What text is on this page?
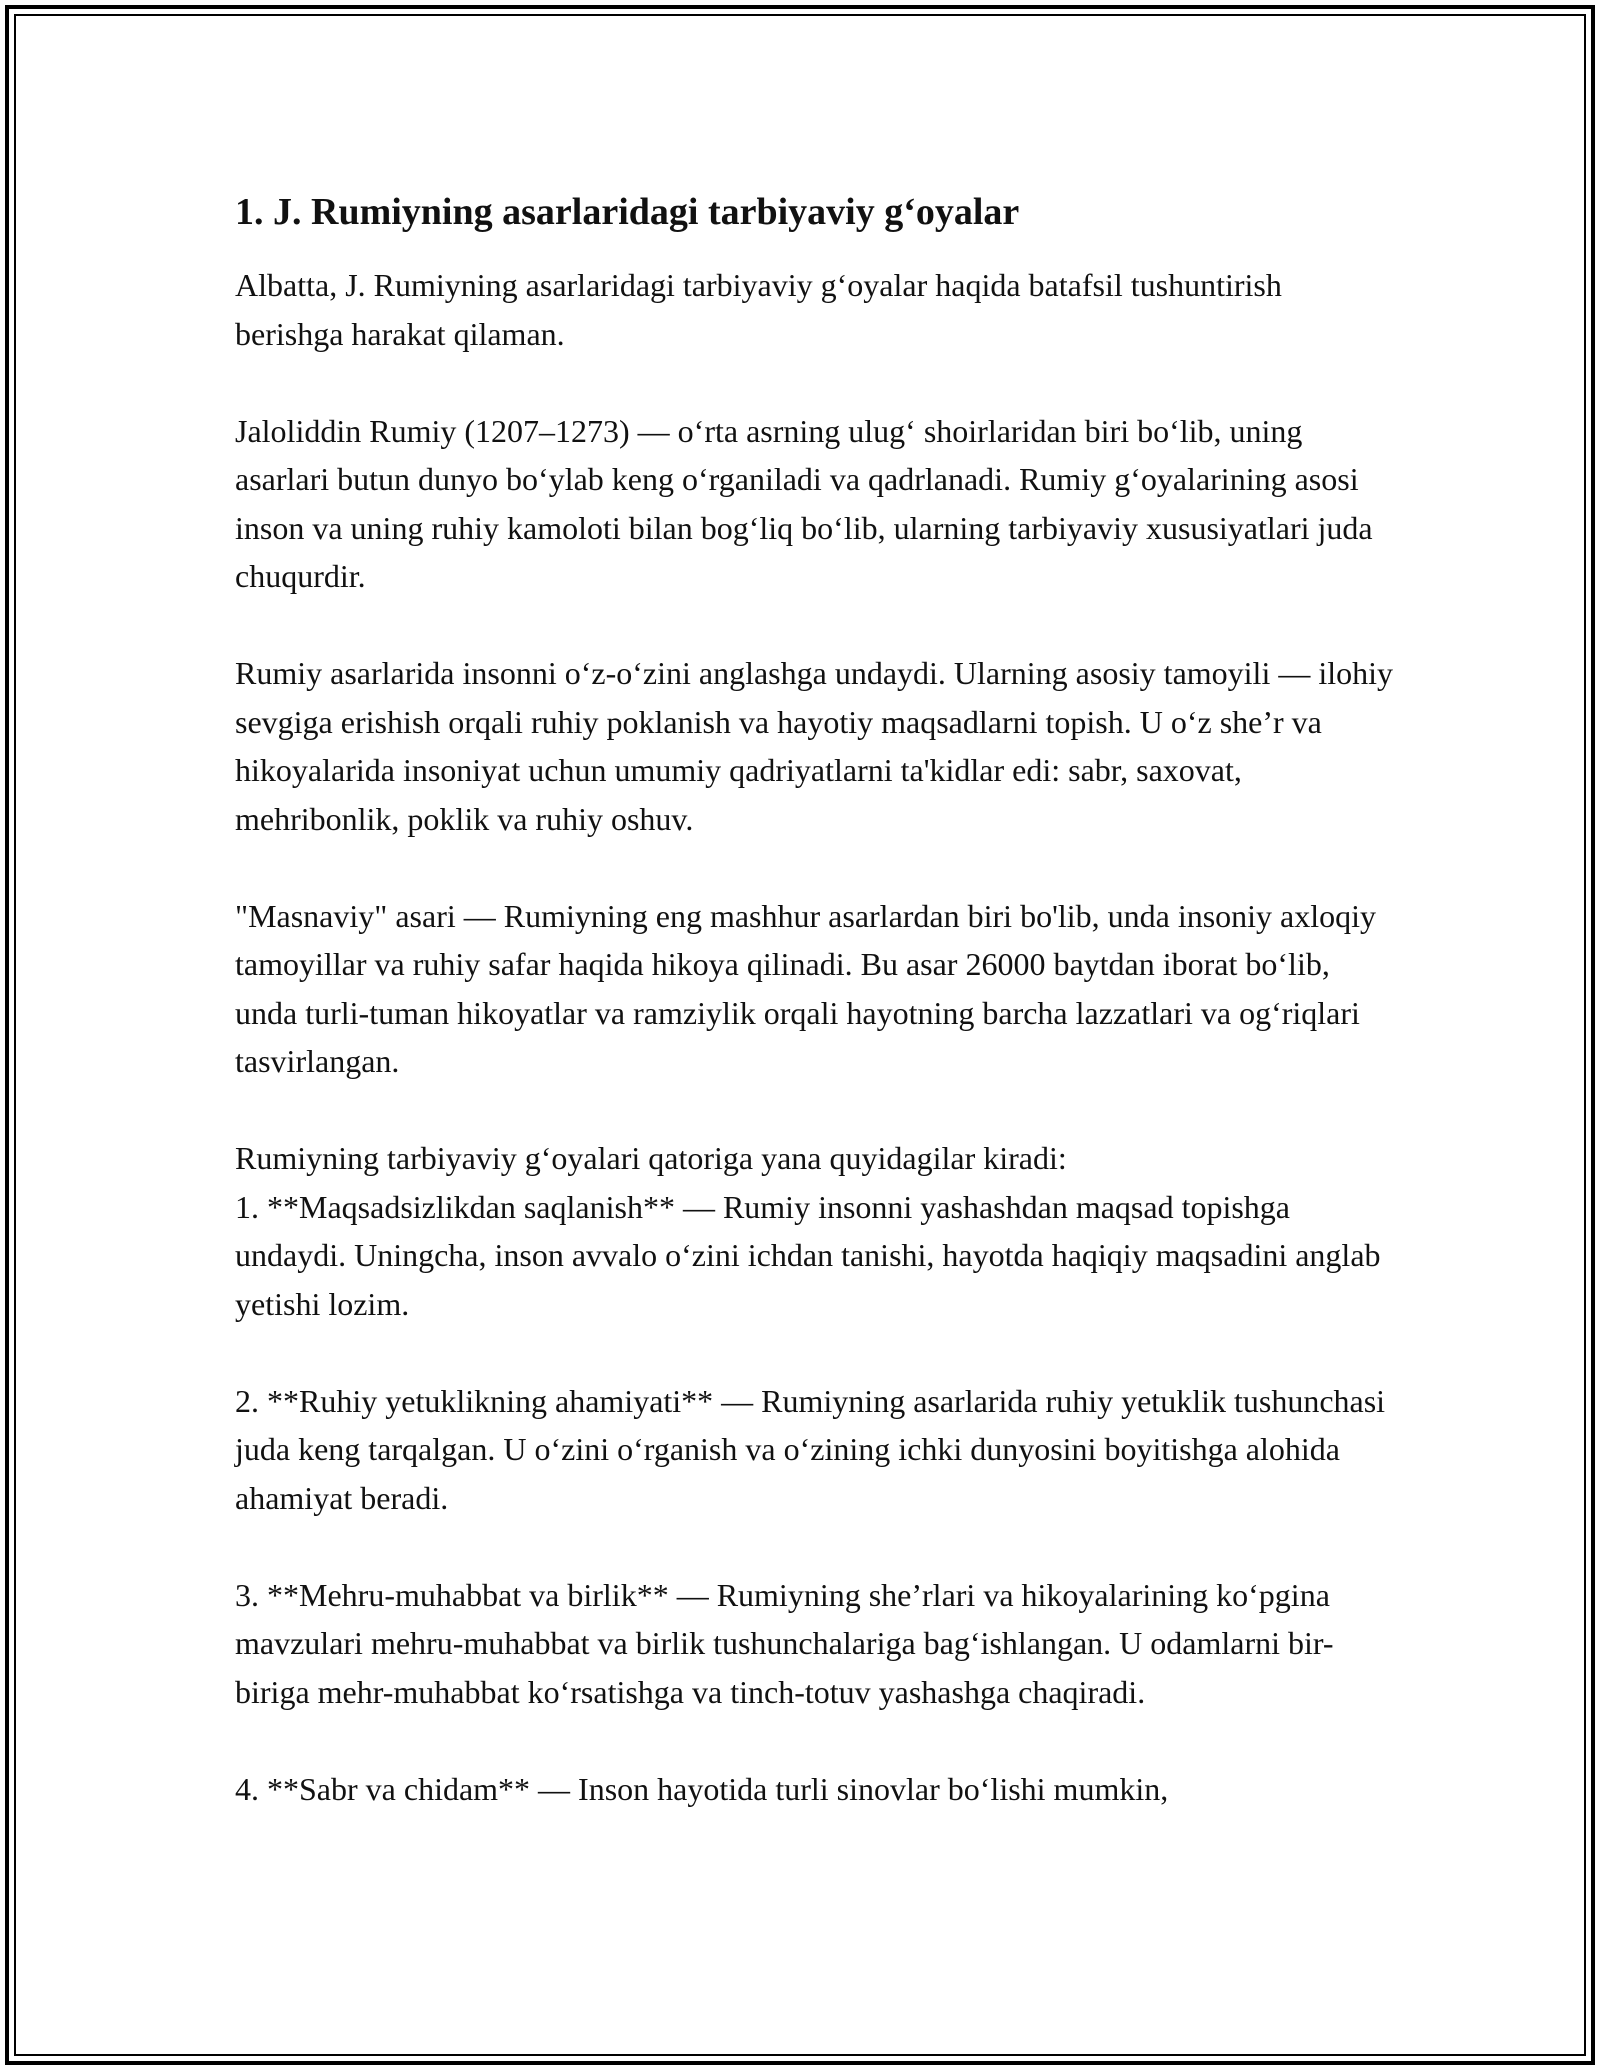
1. J. Rumiyning asarlaridagi tarbiyaviy g‘oyalar
Albatta, J. Rumiyning asarlaridagi tarbiyaviy g‘oyalar haqida batafsil tushuntirish berishga harakat qilaman.
Jaloliddin Rumiy (1207–1273) — o‘rta asrning ulug‘ shoirlaridan biri bo‘lib, uning asarlari butun dunyo bo‘ylab keng o‘rganiladi va qadrlanadi. Rumiy g‘oyalarining asosi inson va uning ruhiy kamoloti bilan bog‘liq bo‘lib, ularning tarbiyaviy xususiyatlari juda chuqurdir.
Rumiy asarlarida insonni o‘z-o‘zini anglashga undaydi. Ularning asosiy tamoyili — ilohiy sevgiga erishish orqali ruhiy poklanish va hayotiy maqsadlarni topish. U o‘z she’r va hikoyalarida insoniyat uchun umumiy qadriyatlarni ta'kidlar edi: sabr, saxovat, mehribonlik, poklik va ruhiy oshuv.
"Masnaviy" asari — Rumiyning eng mashhur asarlardan biri bo'lib, unda insoniy axloqiy tamoyillar va ruhiy safar haqida hikoya qilinadi. Bu asar 26000 baytdan iborat bo‘lib, unda turli-tuman hikoyatlar va ramziylik orqali hayotning barcha lazzatlari va og‘riqlari tasvirlangan.
Rumiyning tarbiyaviy g‘oyalari qatoriga yana quyidagilar kiradi:
1. **Maqsadsizlikdan saqlanish** — Rumiy insonni yashashdan maqsad topishga undaydi. Uningcha, inson avvalo o‘zini ichdan tanishi, hayotda haqiqiy maqsadini anglab yetishi lozim.
2. **Ruhiy yetuklikning ahamiyati** — Rumiyning asarlarida ruhiy yetuklik tushunchasi juda keng tarqalgan. U o‘zini o‘rganish va o‘zining ichki dunyosini boyitishga alohida ahamiyat beradi.
3. **Mehru-muhabbat va birlik** — Rumiyning she’rlari va hikoyalarining ko‘pgina mavzulari mehru-muhabbat va birlik tushunchalariga bag‘ishlangan. U odamlarni bir-biriga mehr-muhabbat ko‘rsatishga va tinch-totuv yashashga chaqiradi.
4. **Sabr va chidam** — Inson hayotida turli sinovlar bo‘lishi mumkin,
